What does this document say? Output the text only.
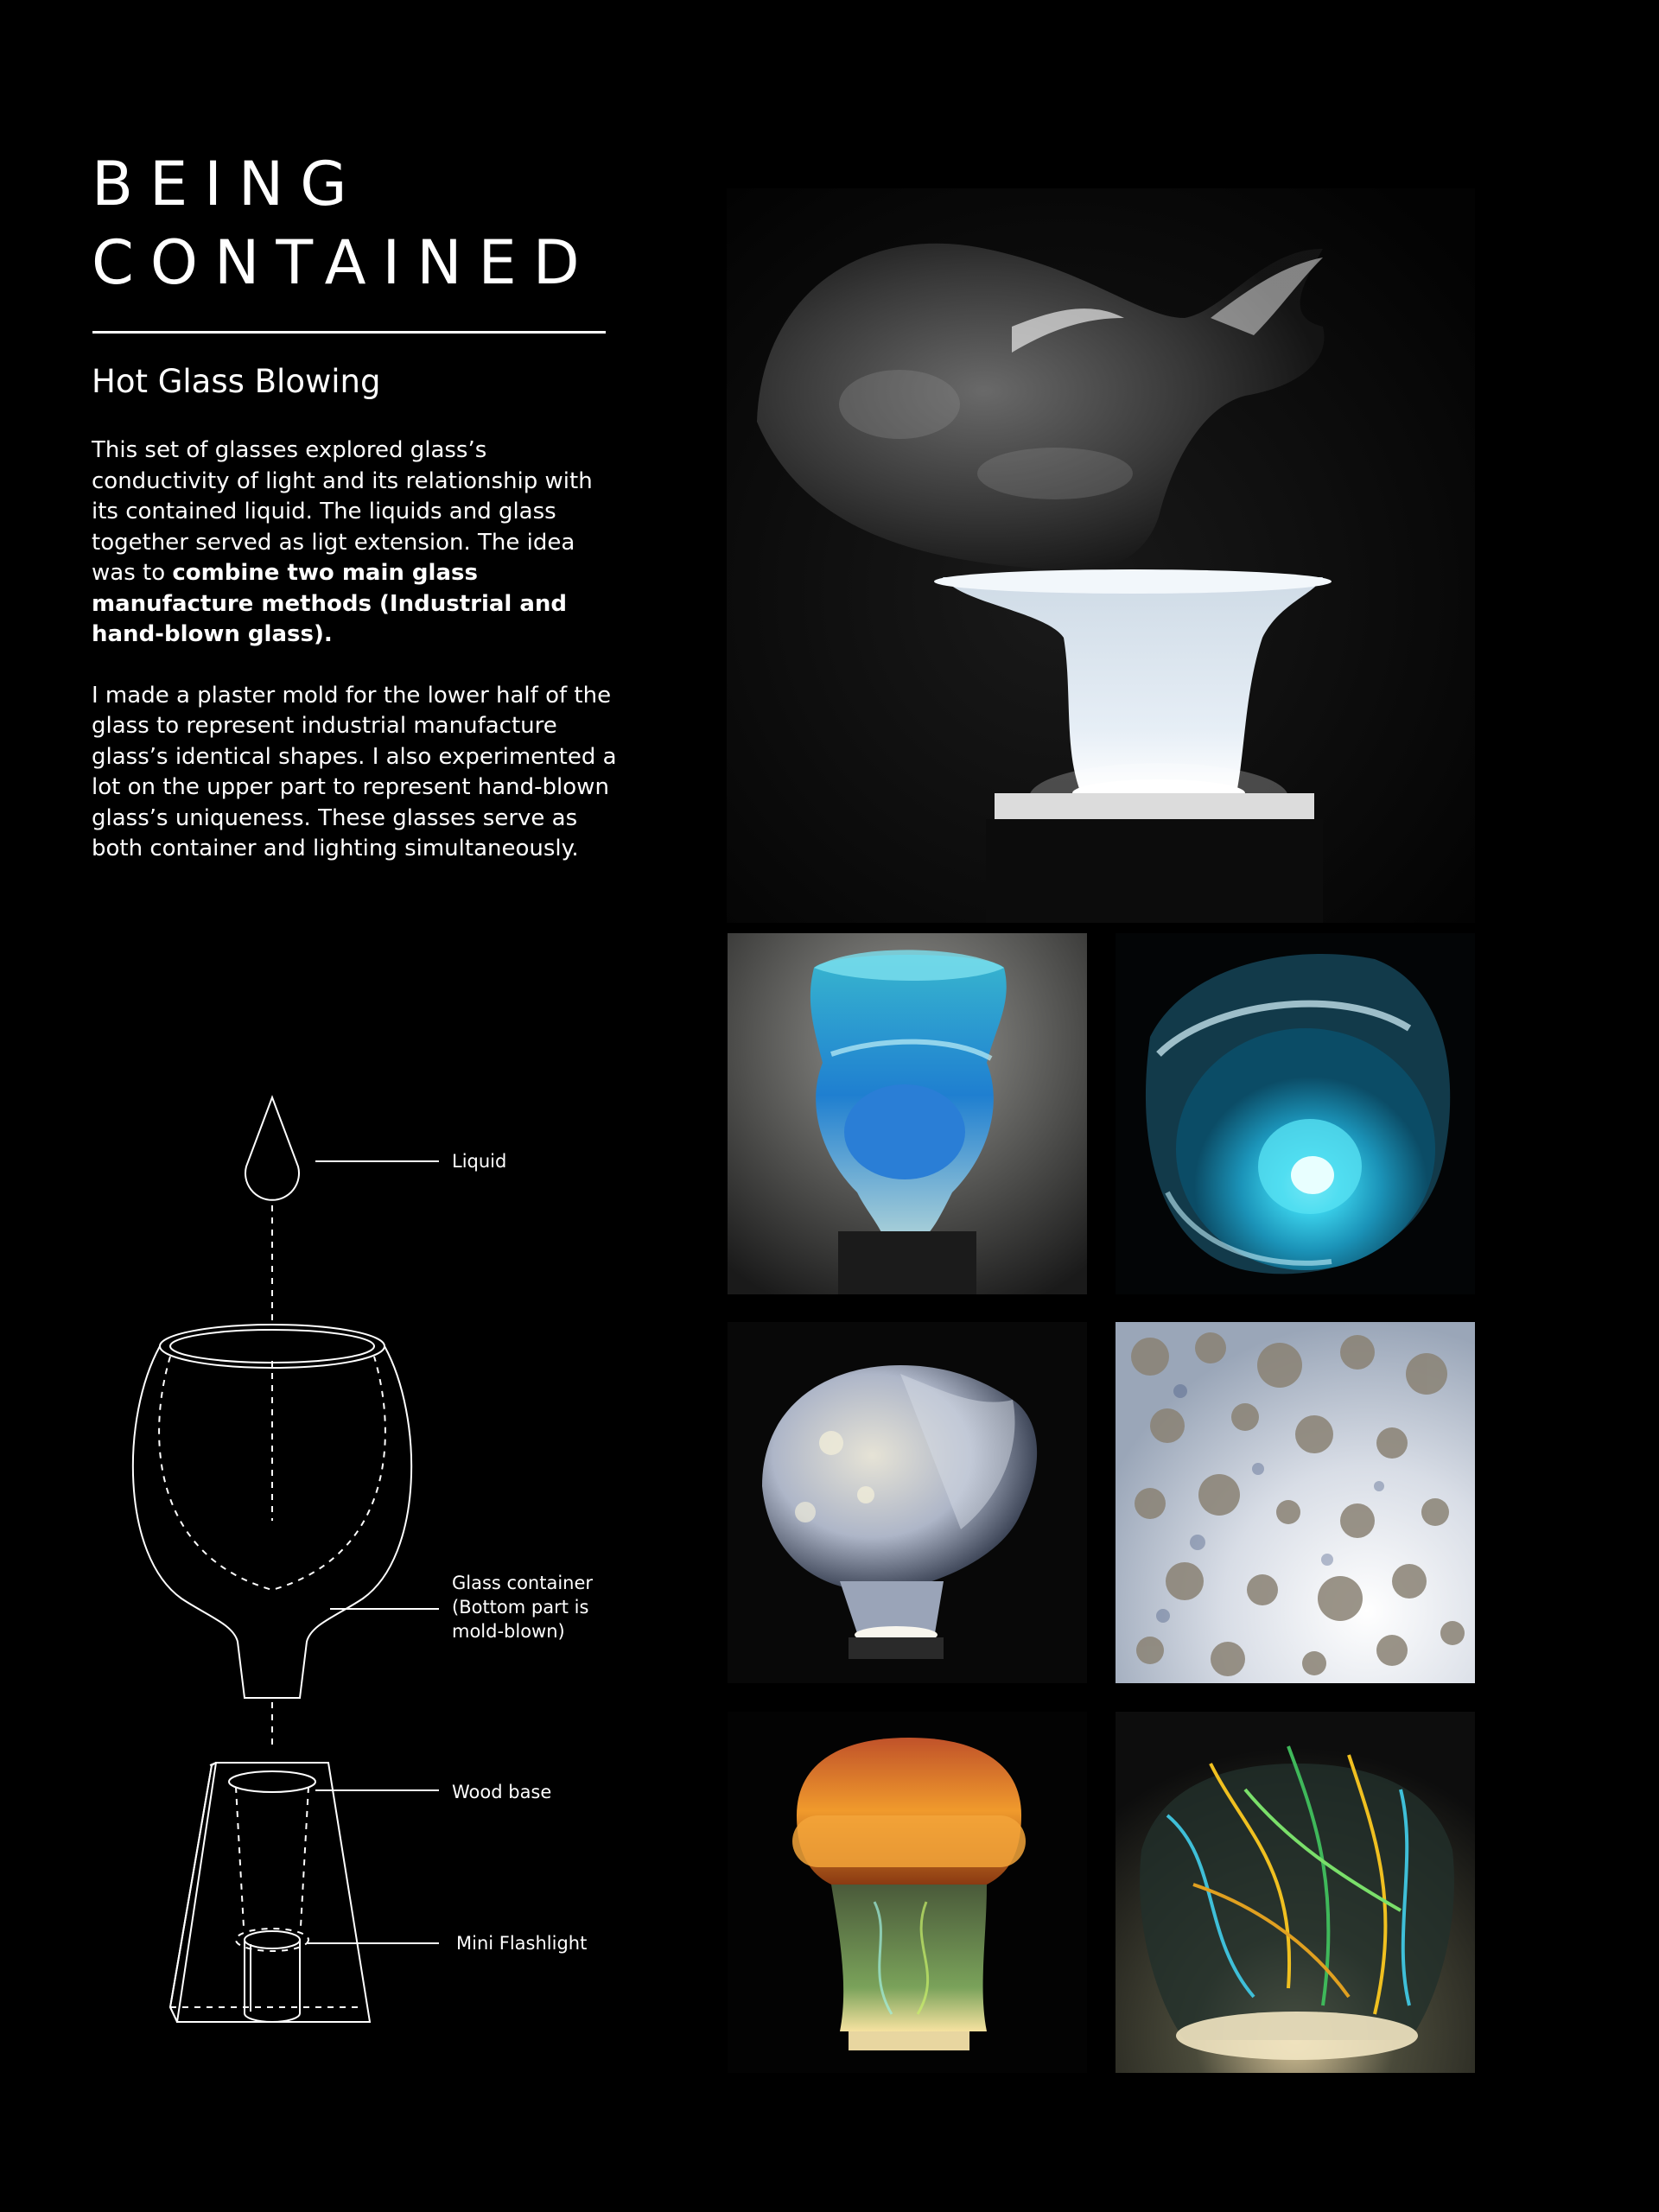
BEING
CONTAINED
Hot Glass Blowing

This set of glasses explored glass’s conductivity of light and its relationship with its contained liquid. The liquids and glass together served as ligt extension. The idea was to combine two main glass manufacture methods (Industrial and hand-blown glass).

I made a plaster mold for the lower half of the glass to represent industrial manufacture glass’s identical shapes. I also experimented a lot on the upper part to represent hand-blown glass’s uniqueness. These glasses serve as both container and lighting simultaneously.

Liquid

Glass container (Bottom part is mold-blown)

Wood base

Mini Flashlight
